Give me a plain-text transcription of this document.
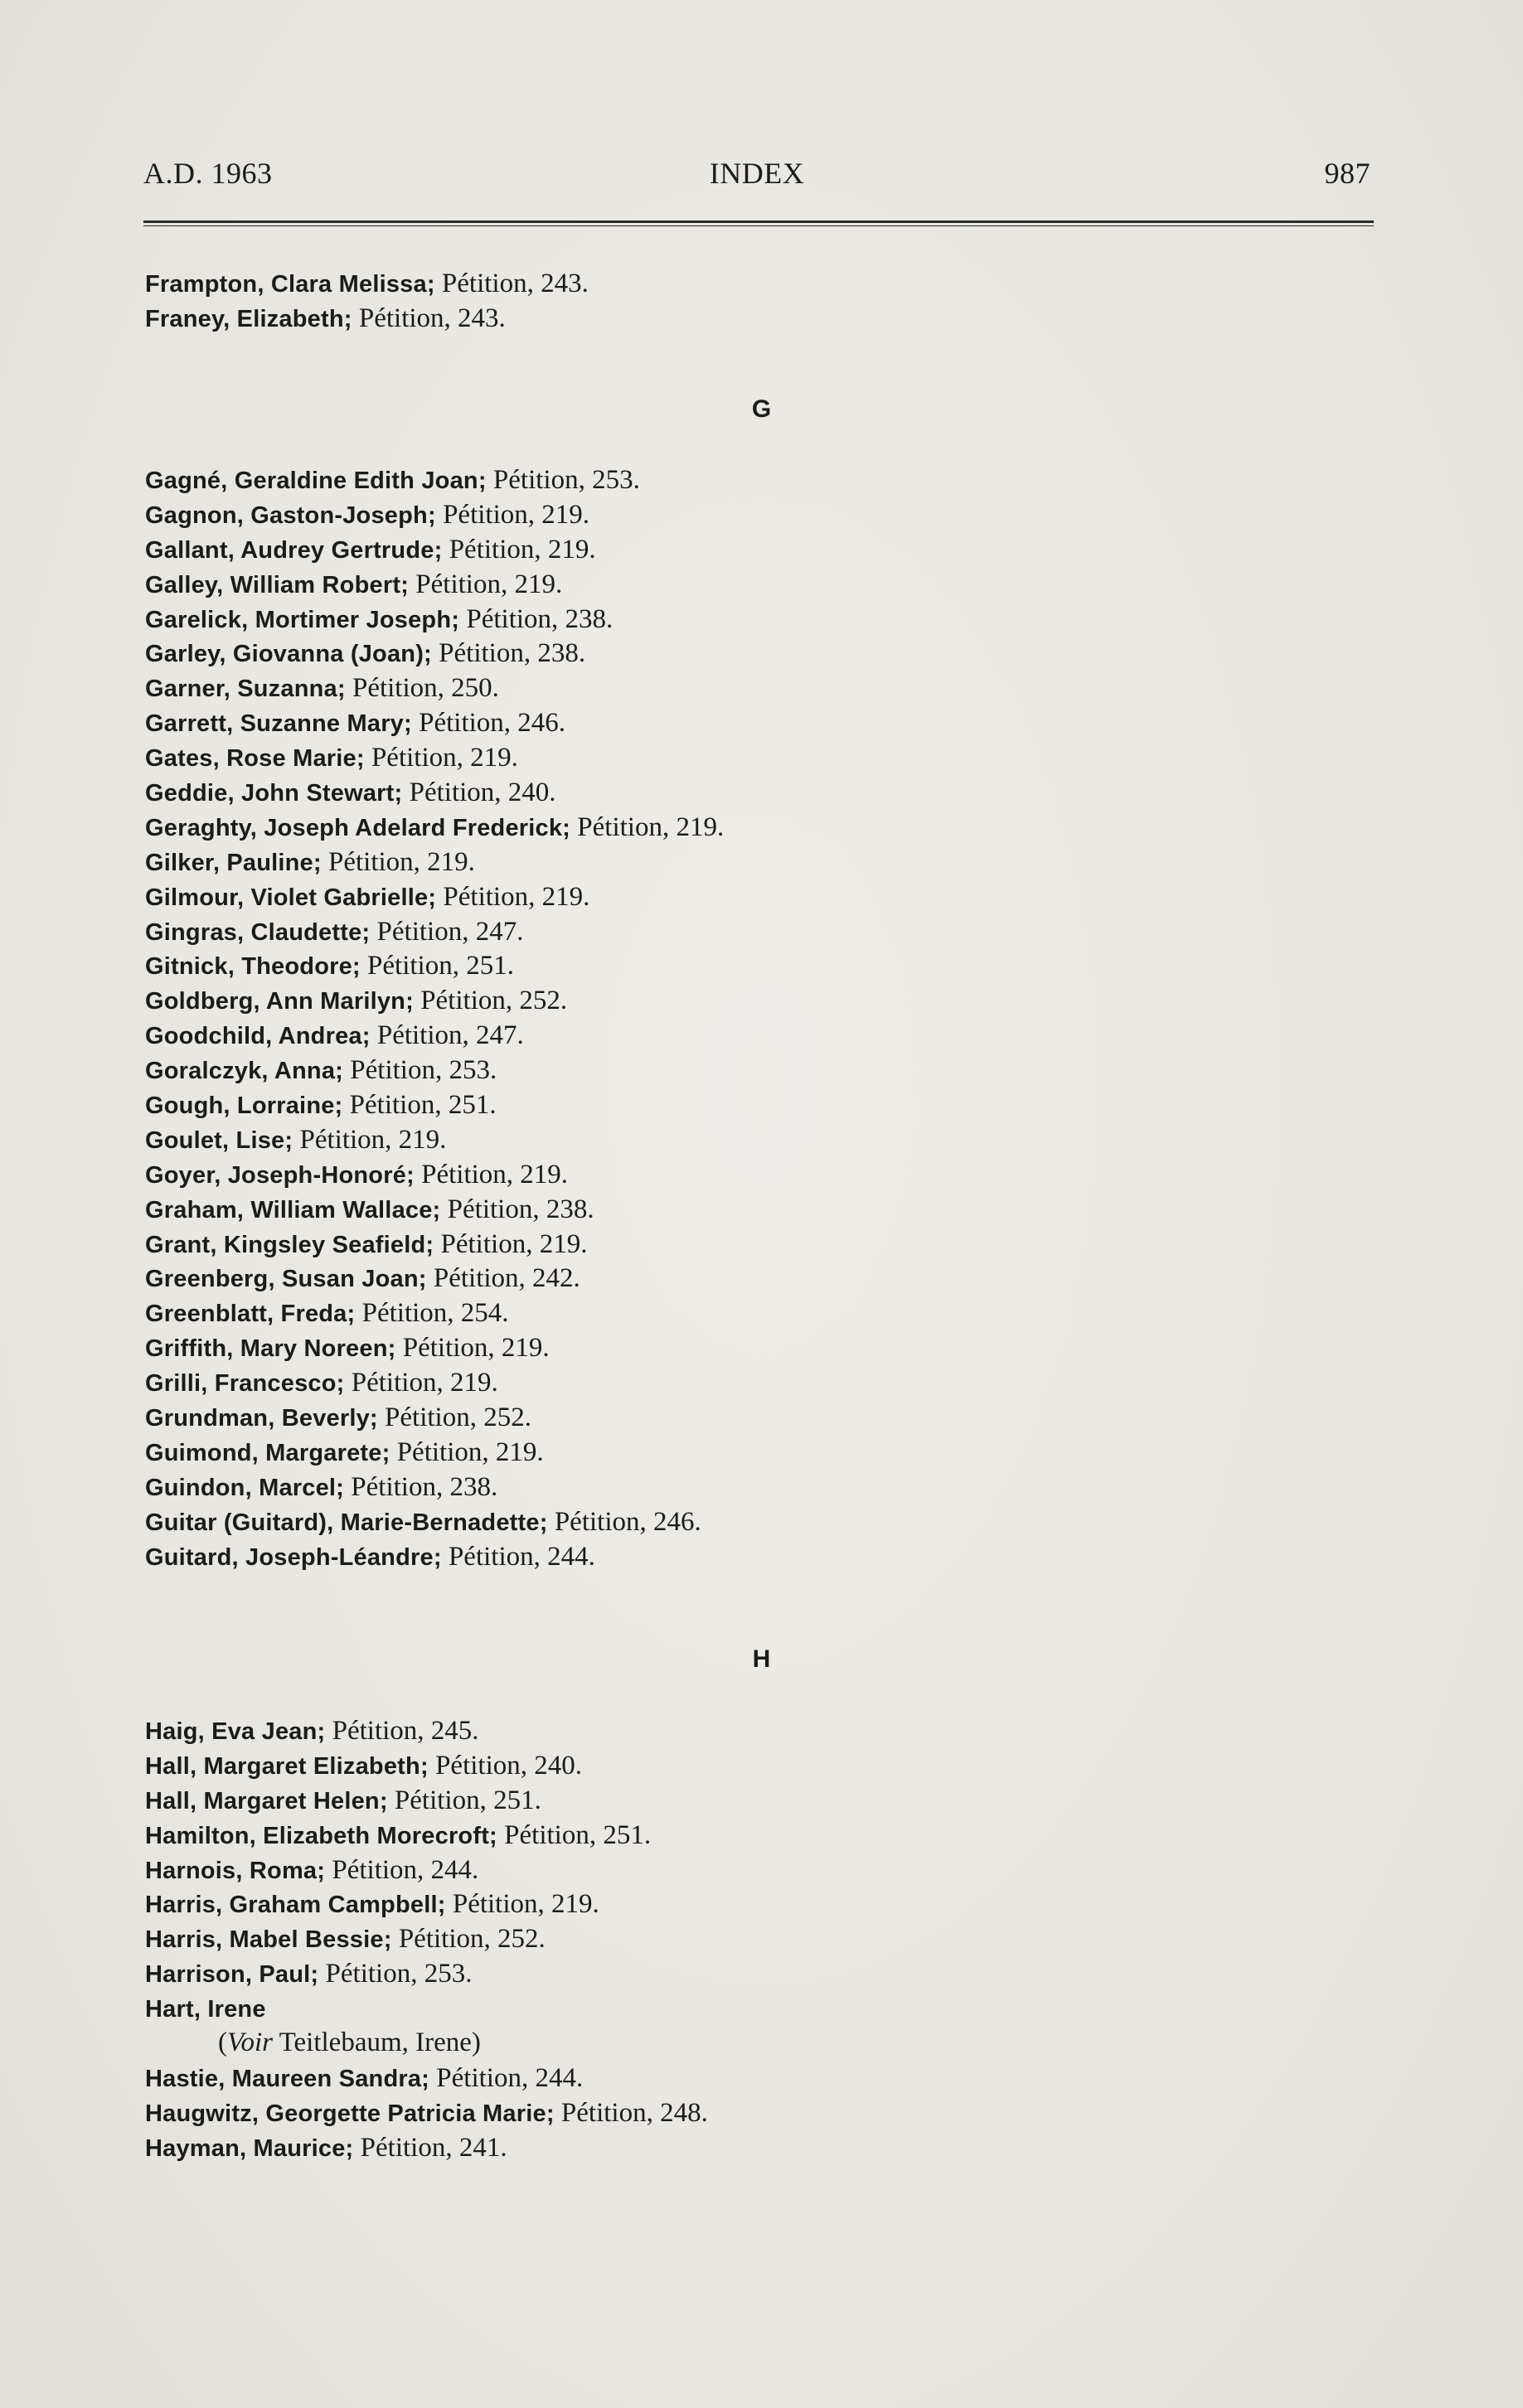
A.D. 1963	INDEX	987
Frampton, Clara Melissa; Pétition, 243.
Franey, Elizabeth; Pétition, 243.
G
Gagné, Geraldine Edith Joan; Pétition, 253.
Gagnon, Gaston-Joseph; Pétition, 219.
Gallant, Audrey Gertrude; Pétition, 219.
Galley, William Robert; Pétition, 219.
Garelick, Mortimer Joseph; Pétition, 238.
Garley, Giovanna (Joan); Pétition, 238.
Garner, Suzanna; Pétition, 250.
Garrett, Suzanne Mary; Pétition, 246.
Gates, Rose Marie; Pétition, 219.
Geddie, John Stewart; Pétition, 240.
Geraghty, Joseph Adelard Frederick; Pétition, 219.
Gilker, Pauline; Pétition, 219.
Gilmour, Violet Gabrielle; Pétition, 219.
Gingras, Claudette; Pétition, 247.
Gitnick, Theodore; Pétition, 251.
Goldberg, Ann Marilyn; Pétition, 252.
Goodchild, Andrea; Pétition, 247.
Goralczyk, Anna; Pétition, 253.
Gough, Lorraine; Pétition, 251.
Goulet, Lise; Pétition, 219.
Goyer, Joseph-Honoré; Pétition, 219.
Graham, William Wallace; Pétition, 238.
Grant, Kingsley Seafield; Pétition, 219.
Greenberg, Susan Joan; Pétition, 242.
Greenblatt, Freda; Pétition, 254.
Griffith, Mary Noreen; Pétition, 219.
Grilli, Francesco; Pétition, 219.
Grundman, Beverly; Pétition, 252.
Guimond, Margarete; Pétition, 219.
Guindon, Marcel; Pétition, 238.
Guitar (Guitard), Marie-Bernadette; Pétition, 246.
Guitard, Joseph-Léandre; Pétition, 244.
H
Haig, Eva Jean; Pétition, 245.
Hall, Margaret Elizabeth; Pétition, 240.
Hall, Margaret Helen; Pétition, 251.
Hamilton, Elizabeth Morecroft; Pétition, 251.
Harnois, Roma; Pétition, 244.
Harris, Graham Campbell; Pétition, 219.
Harris, Mabel Bessie; Pétition, 252.
Harrison, Paul; Pétition, 253.
Hart, Irene
(Voir Teitlebaum, Irene)
Hastie, Maureen Sandra; Pétition, 244.
Haugwitz, Georgette Patricia Marie; Pétition, 248.
Hayman, Maurice; Pétition, 241.
